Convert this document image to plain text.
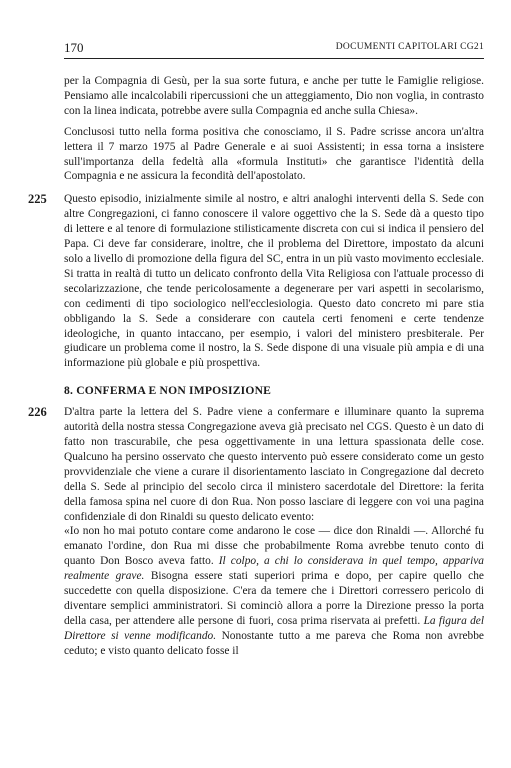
170	DOCUMENTI CAPITOLARI CG21

per la Compagnia di Gesù, per la sua sorte futura, e anche per tutte le Famiglie religiose. Pensiamo alle incalcolabili ripercussioni che un atteggiamento, Dio non voglia, in contrasto con la linea indicata, potrebbe avere sulla Compagnia ed anche sulla Chiesa».

Conclusosi tutto nella forma positiva che conosciamo, il S. Padre scrisse ancora un'altra lettera il 7 marzo 1975 al Padre Generale e ai suoi Assistenti; in essa torna a insistere sull'importanza della fedeltà alla «formula Instituti» che garantisce l'identità della Compagnia e ne assicura la fecondità dell'apostolato.

225 Questo episodio, inizialmente simile al nostro, e altri analoghi interventi della S. Sede con altre Congregazioni, ci fanno conoscere il valore oggettivo che la S. Sede dà a questo tipo di lettere e al tenore di formulazione stilisticamente discreta con cui si indica il pensiero del Papa. Ci deve far considerare, inoltre, che il problema del Direttore, impostato da alcuni solo a livello di promozione della figura del SC, entra in un più vasto movimento ecclesiale. Si tratta in realtà di tutto un delicato confronto della Vita Religiosa con l'attuale processo di secolarizzazione, che tende pericolosamente a degenerare per vari aspetti in secolarismo, con cedimenti di tipo sociologico nell'ecclesiologia. Questo dato concreto mi pare stia obbligando la S. Sede a considerare con cautela certi fenomeni e certe tendenze ideologiche, in quanto intaccano, per esempio, i valori del ministero presbiterale. Per giudicare un problema come il nostro, la S. Sede dispone di una visuale più ampia e di una informazione più globale e più prospettiva.

8. CONFERMA E NON IMPOSIZIONE
226 D'altra parte la lettera del S. Padre viene a confermare e illuminare quanto la suprema autorità della nostra stessa Congregazione aveva già precisato nel CGS. Questo è un dato di fatto non trascurabile, che pesa oggettivamente in una lettura spassionata delle cose. Qualcuno ha persino osservato che questo intervento può essere considerato come un gesto provvidenziale che viene a curare il disorientamento lasciato in Congregazione dal decreto della S. Sede al principio del secolo circa il ministero sacerdotale del Direttore: la ferita della famosa spina nel cuore di don Rua. Non posso lasciare di leggere con voi una pagina confidenziale di don Rinaldi su questo delicato evento:

«Io non ho mai potuto contare come andarono le cose — dice don Rinaldi —. Allorché fu emanato l'ordine, don Rua mi disse che probabilmente Roma avrebbe tenuto conto di quanto Don Bosco aveva fatto. Il colpo, a chi lo considerava in quel tempo, appariva realmente grave. Bisogna essere stati superiori prima e dopo, per capire quello che succedette con quella disposizione. C'era da temere che i Direttori corressero pericolo di diventare semplici amministratori. Si cominciò allora a porre la Direzione presso la porta della casa, per attendere alle persone di fuori, cosa prima riservata ai prefetti. La figura del Direttore si venne modificando. Nonostante tutto a me pareva che Roma non avrebbe ceduto; e visto quanto delicato fosse il
